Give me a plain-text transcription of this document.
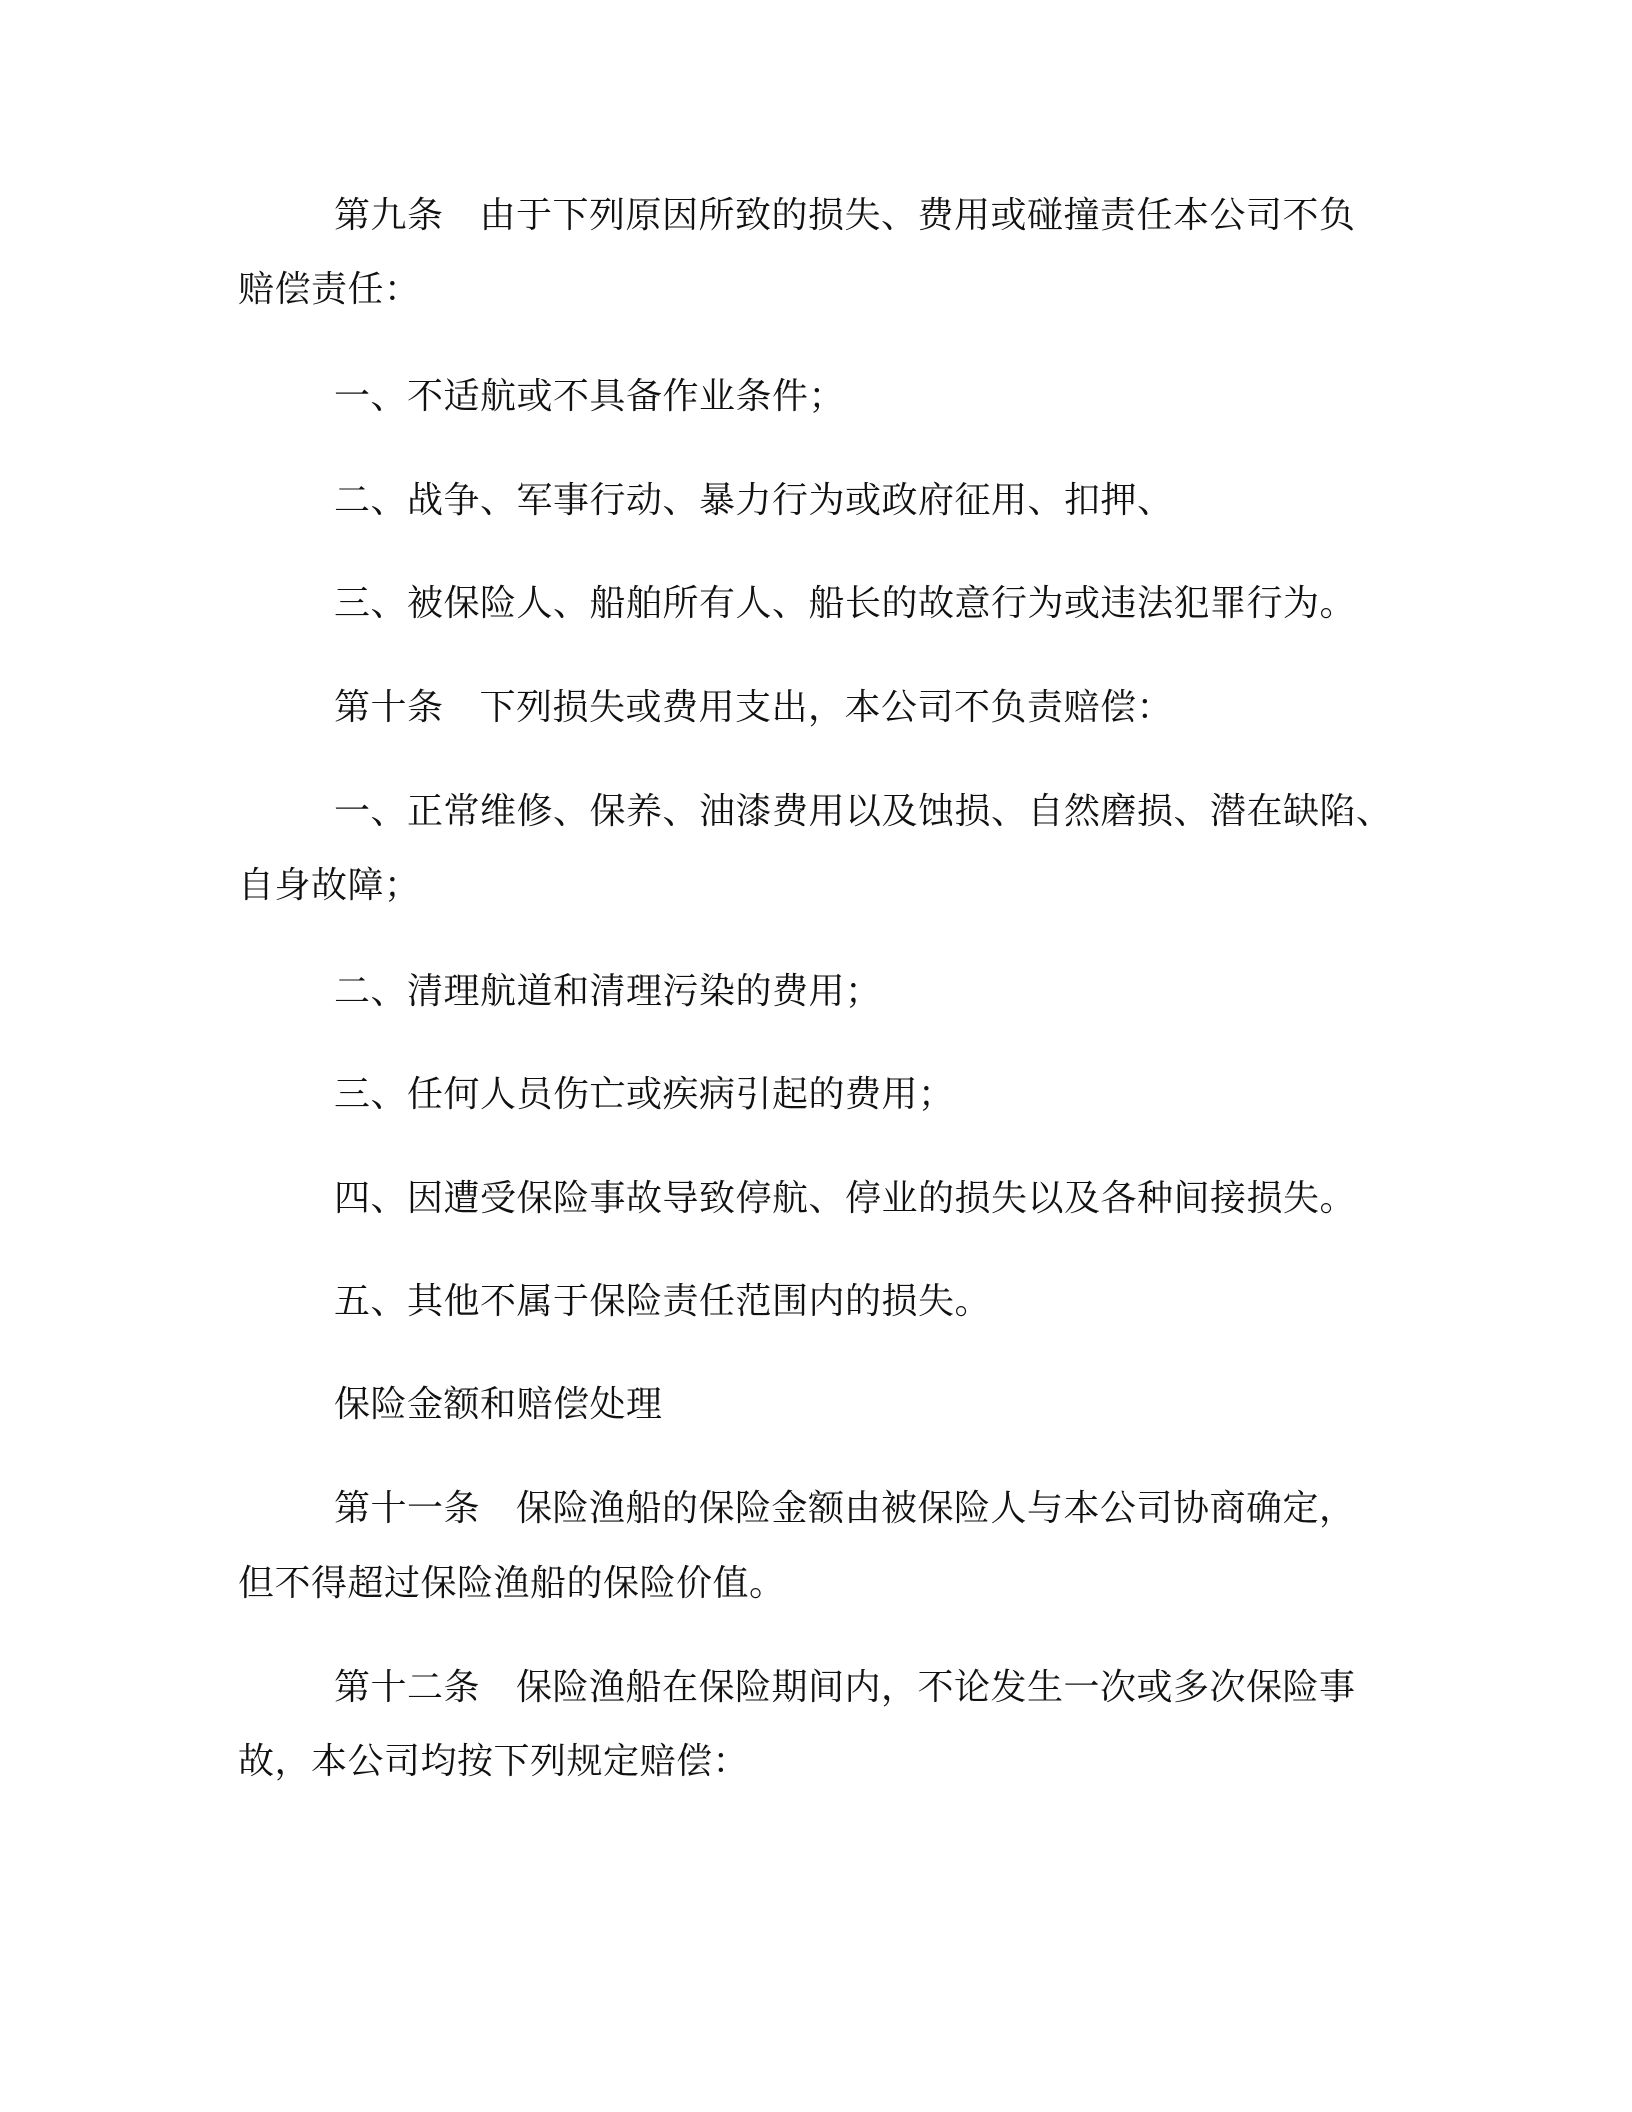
第九条 由于下列原因所致的损失、费用或碰撞责任本公司不负
赔偿责任：
一、不适航或不具备作业条件；
二、战争、军事行动、暴力行为或政府征用、扣押、
三、被保险人、船舶所有人、船长的故意行为或违法犯罪行为。
第十条 下列损失或费用支出，本公司不负责赔偿：
一、正常维修、保养、油漆费用以及蚀损、自然磨损、潜在缺陷、
自身故障；
二、清理航道和清理污染的费用；
三、任何人员伤亡或疾病引起的费用；
四、因遭受保险事故导致停航、停业的损失以及各种间接损失。
五、其他不属于保险责任范围内的损失。
保险金额和赔偿处理
第十一条 保险渔船的保险金额由被保险人与本公司协商确定，
但不得超过保险渔船的保险价值。
第十二条 保险渔船在保险期间内，不论发生一次或多次保险事
故，本公司均按下列规定赔偿：
